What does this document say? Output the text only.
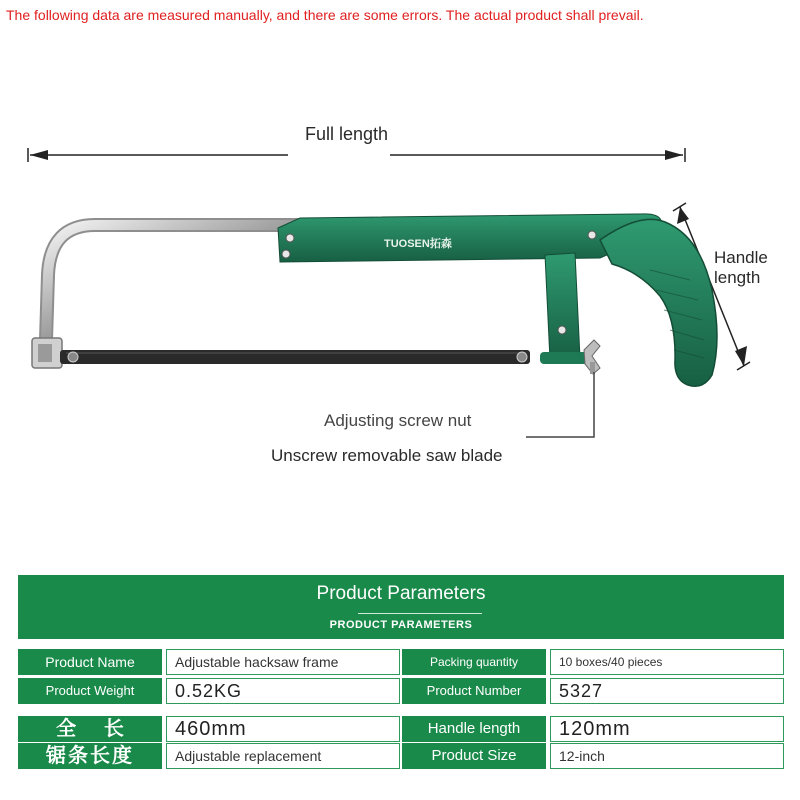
The following data are measured manually, and there are some errors. The actual product shall prevail.
TUOSEN拓森
Full length
Handle
length
Adjusting screw nut
Unscrew removable saw blade
Product Parameters
PRODUCT PARAMETERS
Product Name	Adjustable hacksaw frame	Packing quantity	10 boxes/40 pieces
Product Weight	0.52KG	Product Number	5327
全     长	460mm	Handle length	120mm
锯条长度	Adjustable replacement	Product Size	12-inch
